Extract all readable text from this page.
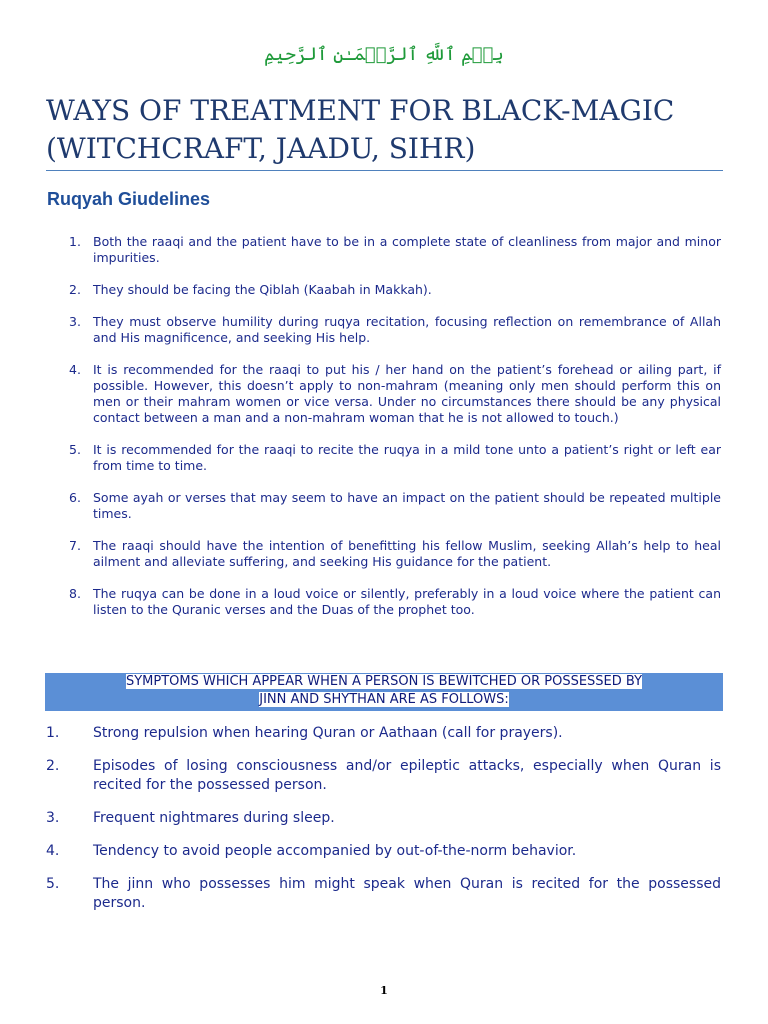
بِسۡمِ ٱللَّهِ ٱلرَّحۡمَـٰنِ ٱلرَّحِيمِ
WAYS OF TREATMENT FOR BLACK-MAGIC
(WITCHCRAFT, JAADU, SIHR)
Ruqyah Giudelines
1. Both the raaqi and the patient have to be in a complete state of cleanliness from major and minor impurities.
2. They should be facing the Qiblah (Kaabah in Makkah).
3. They must observe humility during ruqya recitation, focusing reflection on remembrance of Allah and His magnificence, and seeking His help.
4. It is recommended for the raaqi to put his / her hand on the patient’s forehead or ailing part, if possible. However, this doesn’t apply to non-mahram (meaning only men should perform this on men or their mahram women or vice versa. Under no circumstances there should be any physical contact between a man and a non-mahram woman that he is not allowed to touch.)
5. It is recommended for the raaqi to recite the ruqya in a mild tone unto a patient’s right or left ear from time to time.
6. Some ayah or verses that may seem to have an impact on the patient should be repeated multiple times.
7. The raaqi should have the intention of benefitting his fellow Muslim, seeking Allah’s help to heal ailment and alleviate suffering, and seeking His guidance for the patient.
8. The ruqya can be done in a loud voice or silently, preferably in a loud voice where the patient can listen to the Quranic verses and the Duas of the prophet too.

SYMPTOMS WHICH APPEAR WHEN A PERSON IS BEWITCHED OR POSSESSED BY
JINN AND SHYTHAN ARE AS FOLLOWS:

1. Strong repulsion when hearing Quran or Aathaan (call for prayers).
2. Episodes of losing consciousness and/or epileptic attacks, especially when Quran is recited for the possessed person.
3. Frequent nightmares during sleep.
4. Tendency to avoid people accompanied by out-of-the-norm behavior.
5. The jinn who possesses him might speak when Quran is recited for the possessed person.
1
